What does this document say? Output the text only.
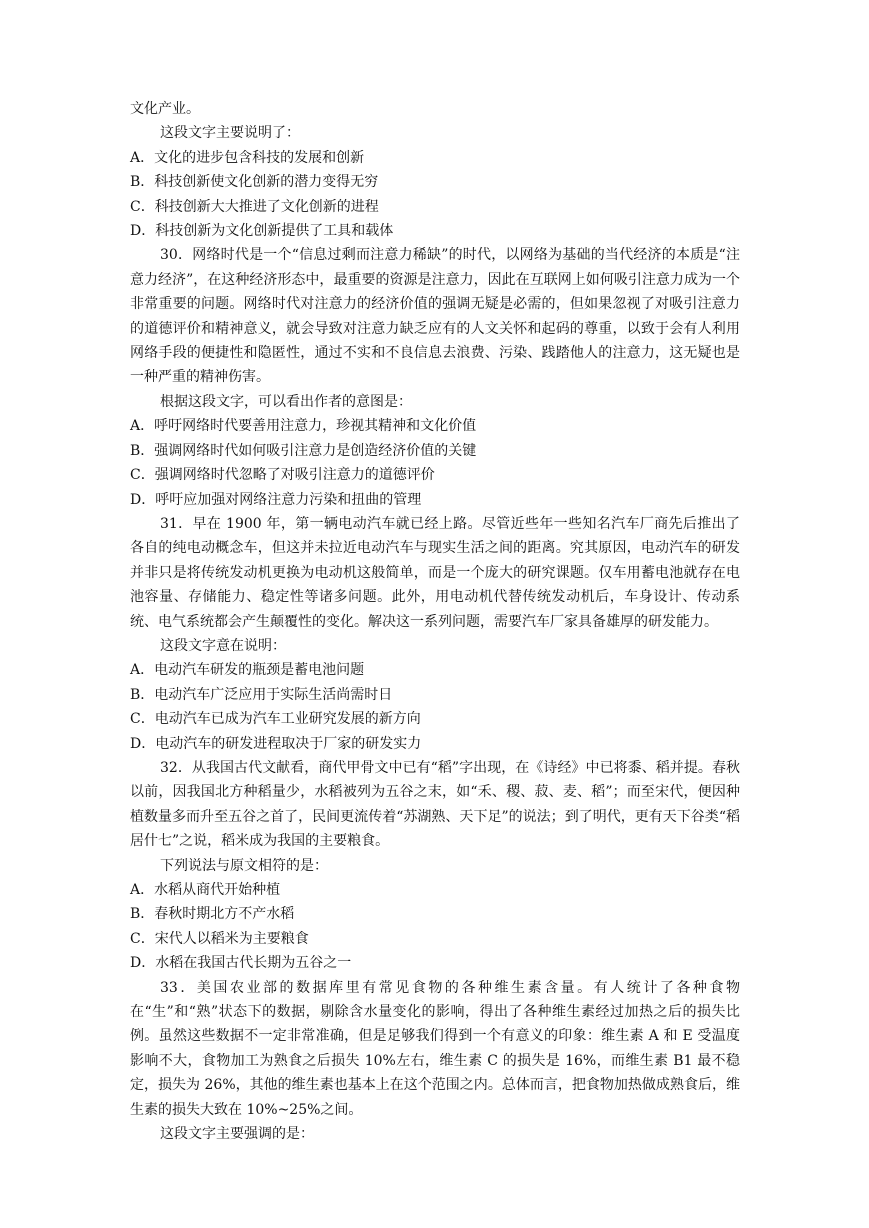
文化产业。

这段文字主要说明了：

A．文化的进步包含科技的发展和创新

B．科技创新使文化创新的潜力变得无穷

C．科技创新大大推进了文化创新的进程

D．科技创新为文化创新提供了工具和载体

30．网络时代是一个“信息过剩而注意力稀缺”的时代，以网络为基础的当代经济的本质是“注意力经济”，在这种经济形态中，最重要的资源是注意力，因此在互联网上如何吸引注意力成为一个非常重要的问题。网络时代对注意力的经济价值的强调无疑是必需的，但如果忽视了对吸引注意力的道德评价和精神意义，就会导致对注意力缺乏应有的人文关怀和起码的尊重，以致于会有人利用网络手段的便捷性和隐匿性，通过不实和不良信息去浪费、污染、践踏他人的注意力，这无疑也是一种严重的精神伤害。

根据这段文字，可以看出作者的意图是：

A．呼吁网络时代要善用注意力，珍视其精神和文化价值

B．强调网络时代如何吸引注意力是创造经济价值的关键

C．强调网络时代忽略了对吸引注意力的道德评价

D．呼吁应加强对网络注意力污染和扭曲的管理

31．早在 1900 年，第一辆电动汽车就已经上路。尽管近些年一些知名汽车厂商先后推出了各自的纯电动概念车，但这并未拉近电动汽车与现实生活之间的距离。究其原因，电动汽车的研发并非只是将传统发动机更换为电动机这般简单，而是一个庞大的研究课题。仅车用蓄电池就存在电池容量、存储能力、稳定性等诸多问题。此外，用电动机代替传统发动机后，车身设计、传动系统、电气系统都会产生颠覆性的变化。解决这一系列问题，需要汽车厂家具备雄厚的研发能力。

这段文字意在说明：

A．电动汽车研发的瓶颈是蓄电池问题

B．电动汽车广泛应用于实际生活尚需时日

C．电动汽车已成为汽车工业研究发展的新方向

D．电动汽车的研发进程取决于厂家的研发实力

32．从我国古代文献看，商代甲骨文中已有“稻”字出现，在《诗经》中已将黍、稻并提。春秋以前，因我国北方种稻量少，水稻被列为五谷之末，如“禾、稷、菽、麦、稻”；而至宋代，便因种植数量多而升至五谷之首了，民间更流传着“苏湖熟、天下足”的说法；到了明代，更有天下谷类“稻居什七”之说，稻米成为我国的主要粮食。

下列说法与原文相符的是：

A．水稻从商代开始种植

B．春秋时期北方不产水稻

C．宋代人以稻米为主要粮食

D．水稻在我国古代长期为五谷之一

33．美国农业部的数据库里有常见食物的各种维生素含量。有人统计了各种食物在“生”和“熟”状态下的数据，剔除含水量变化的影响，得出了各种维生素经过加热之后的损失比例。虽然这些数据不一定非常准确，但是足够我们得到一个有意义的印象：维生素 A 和 E 受温度影响不大，食物加工为熟食之后损失 10%左右，维生素 C 的损失是 16%，而维生素 B1 最不稳定，损失为 26%，其他的维生素也基本上在这个范围之内。总体而言，把食物加热做成熟食后，维生素的损失大致在 10%~25%之间。

这段文字主要强调的是：
